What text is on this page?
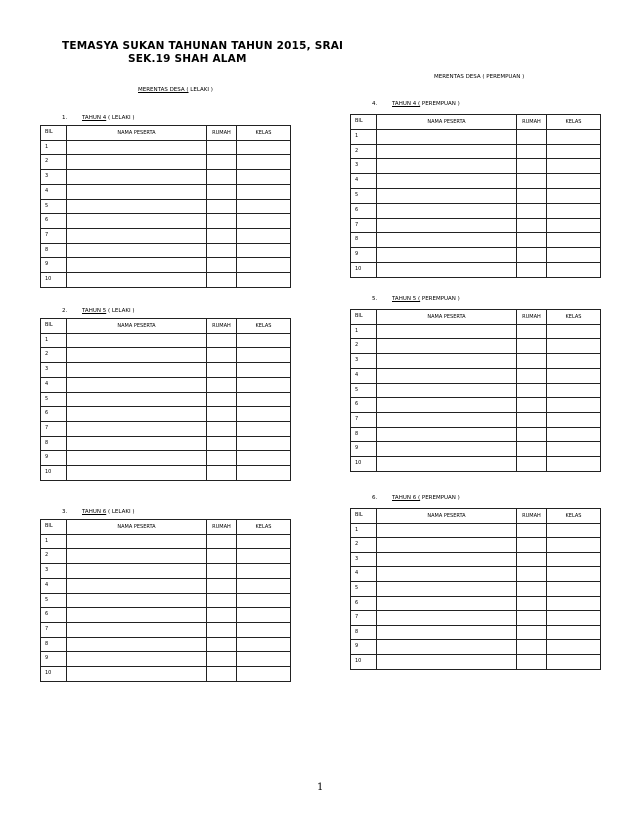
TEMASYA SUKAN TAHUNAN TAHUN 2015, SRAI
SEK.19 SHAH ALAM
MERENTAS DESA ( LELAKI )
MERENTAS DESA ( PEREMPUAN )
1.	TAHUN 4 ( LELAKI )
BIL	NAMA PESERTA	RUMAH	KELAS
1			
2			
3			
4			
5			
6			
7			
8			
9			
10			
2.	TAHUN 5 ( LELAKI )
BIL	NAMA PESERTA	RUMAH	KELAS
1			
2			
3			
4			
5			
6			
7			
8			
9			
10			
3.	TAHUN 6 ( LELAKI )
BIL	NAMA PESERTA	RUMAH	KELAS
1			
2			
3			
4			
5			
6			
7			
8			
9			
10			
4.	TAHUN 4 ( PEREMPUAN )
BIL	NAMA PESERTA	RUMAH	KELAS
1			
2			
3			
4			
5			
6			
7			
8			
9			
10			
5.	TAHUN 5 ( PEREMPUAN )
BIL	NAMA PESERTA	RUMAH	KELAS
1			
2			
3			
4			
5			
6			
7			
8			
9			
10			
6.	TAHUN 6 ( PEREMPUAN )
BIL	NAMA PESERTA	RUMAH	KELAS
1			
2			
3			
4			
5			
6			
7			
8			
9			
10			
1
